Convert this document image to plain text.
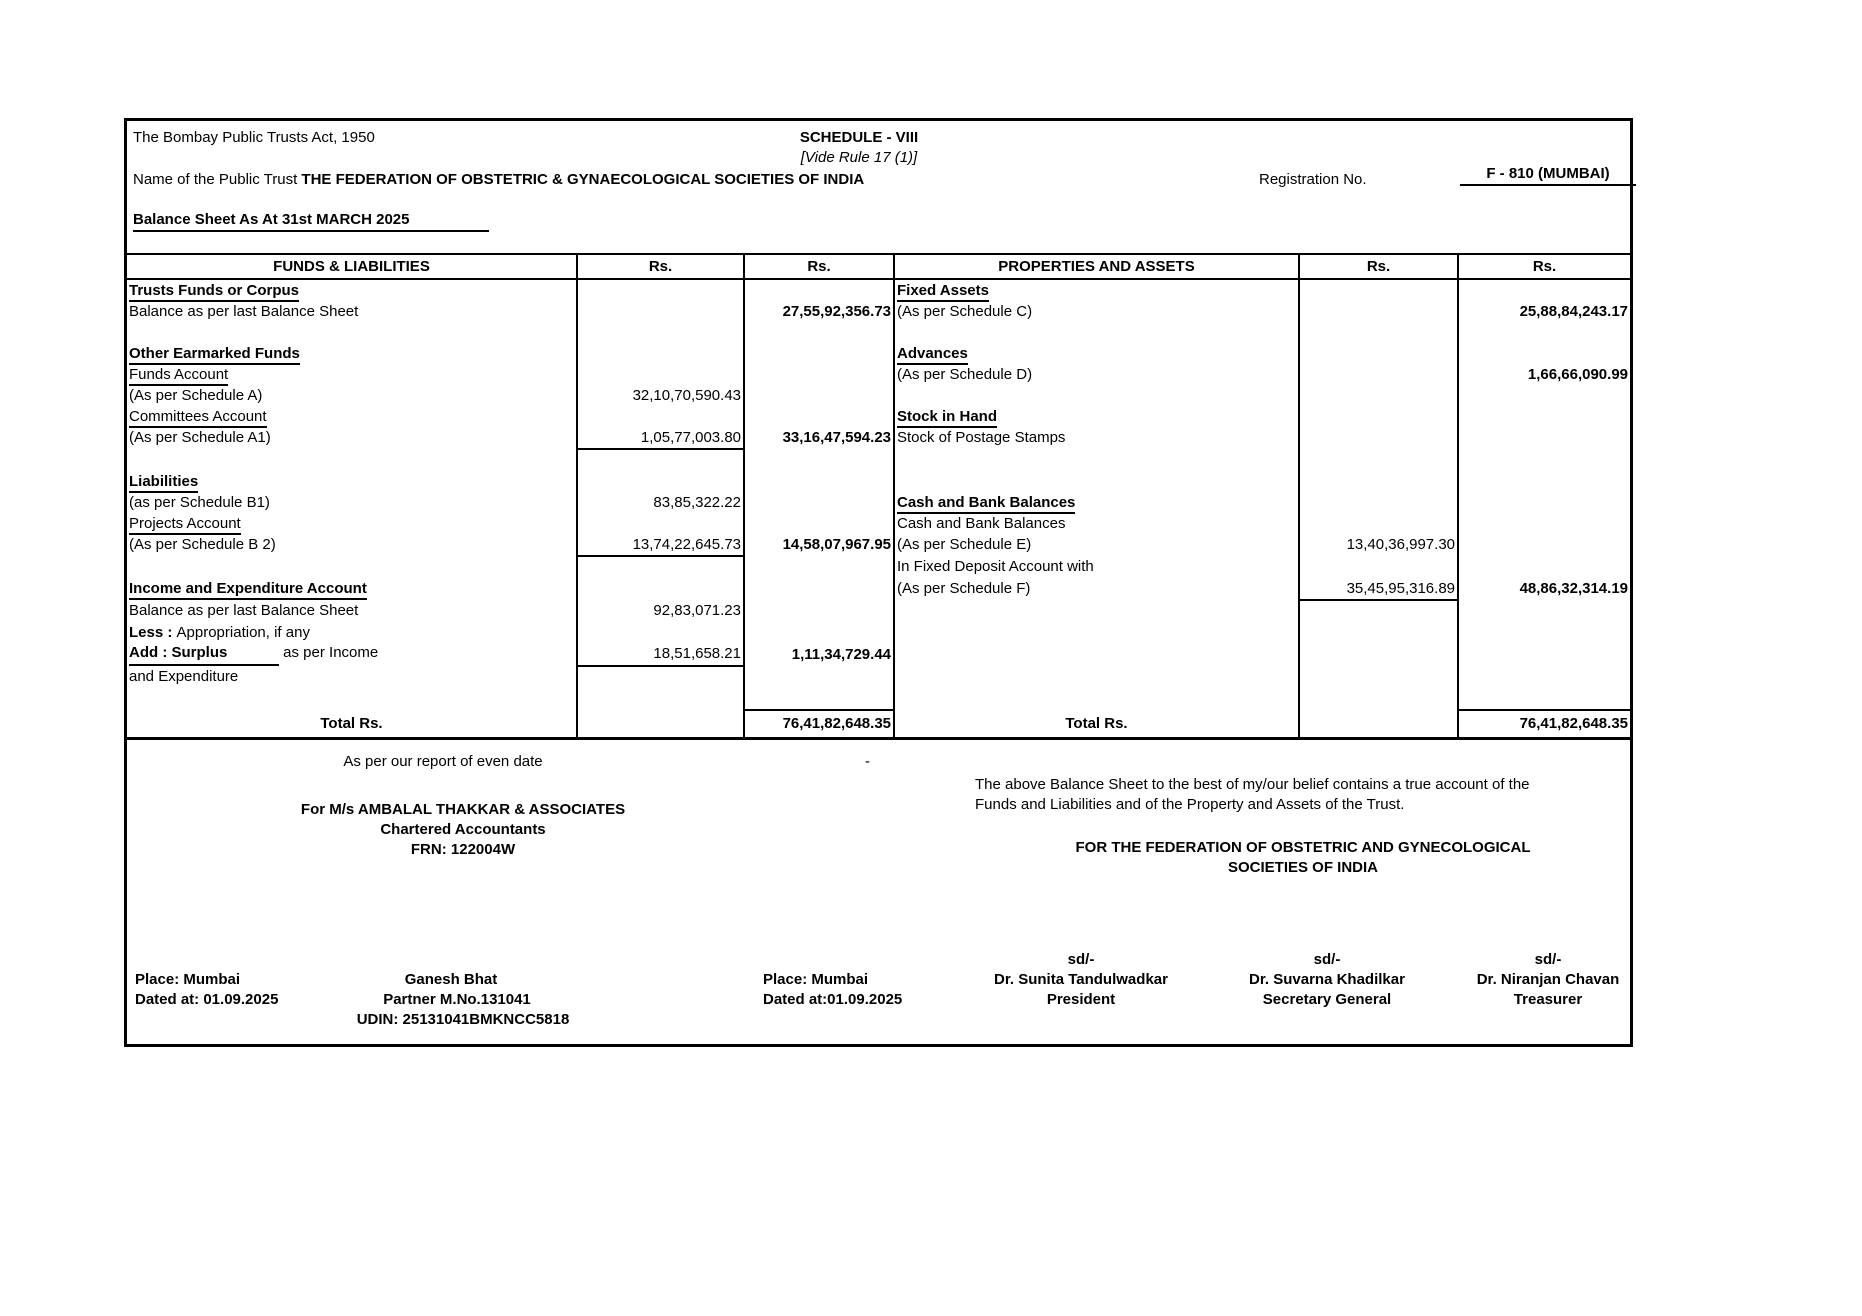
The Bombay Public Trusts Act, 1950	SCHEDULE - VIII
[Vide Rule 17 (1)]
Name of the Public Trust THE FEDERATION OF OBSTETRIC & GYNAECOLOGICAL SOCIETIES OF INDIA	Registration No.	F - 810 (MUMBAI)
Balance Sheet As At 31st MARCH 2025
FUNDS & LIABILITIES	Rs.	Rs.	PROPERTIES AND ASSETS	Rs.	Rs.
Trusts Funds or Corpus			Fixed Assets		
Balance as per last Balance Sheet		27,55,92,356.73	(As per Schedule C)		25,88,84,243.17

Other Earmarked Funds			Advances		
Funds Account			(As per Schedule D)		1,66,66,090.99
(As per Schedule A)	32,10,70,590.43				
Committees Account			Stock in Hand		
(As per Schedule A1)	1,05,77,003.80	33,16,47,594.23	Stock of Postage Stamps		

Liabilities					
(as per Schedule B1)	83,85,322.22		Cash and Bank Balances		
Projects Account			Cash and Bank Balances		
(As per Schedule B 2)	13,74,22,645.73	14,58,07,967.95	(As per Schedule E)	13,40,36,997.30	
			In Fixed Deposit Account with		
Income and Expenditure Account			(As per Schedule F)	35,45,95,316.89	48,86,32,314.19
Balance as per last Balance Sheet	92,83,071.23				
Less : Appropriation, if any					
Add : Surplus as per Income	18,51,658.21	1,11,34,729.44			
and Expenditure					

Total Rs.		76,41,82,648.35	Total Rs.		76,41,82,648.35
As per our report of even date	-
The above Balance Sheet to the best of my/our belief contains a true account of the
Funds and Liabilities and of the Property and Assets of the Trust.
For M/s AMBALAL THAKKAR & ASSOCIATES
Chartered Accountants
FRN: 122004W	FOR THE FEDERATION OF OBSTETRIC AND GYNECOLOGICAL
SOCIETIES OF INDIA
sd/-	sd/-	sd/-
Place: Mumbai	Ganesh Bhat	Place: Mumbai	Dr. Sunita Tandulwadkar	Dr. Suvarna Khadilkar	Dr. Niranjan Chavan
Dated at: 01.09.2025	Partner M.No.131041	Dated at:01.09.2025	President	Secretary General	Treasurer
UDIN: 25131041BMKNCC5818
